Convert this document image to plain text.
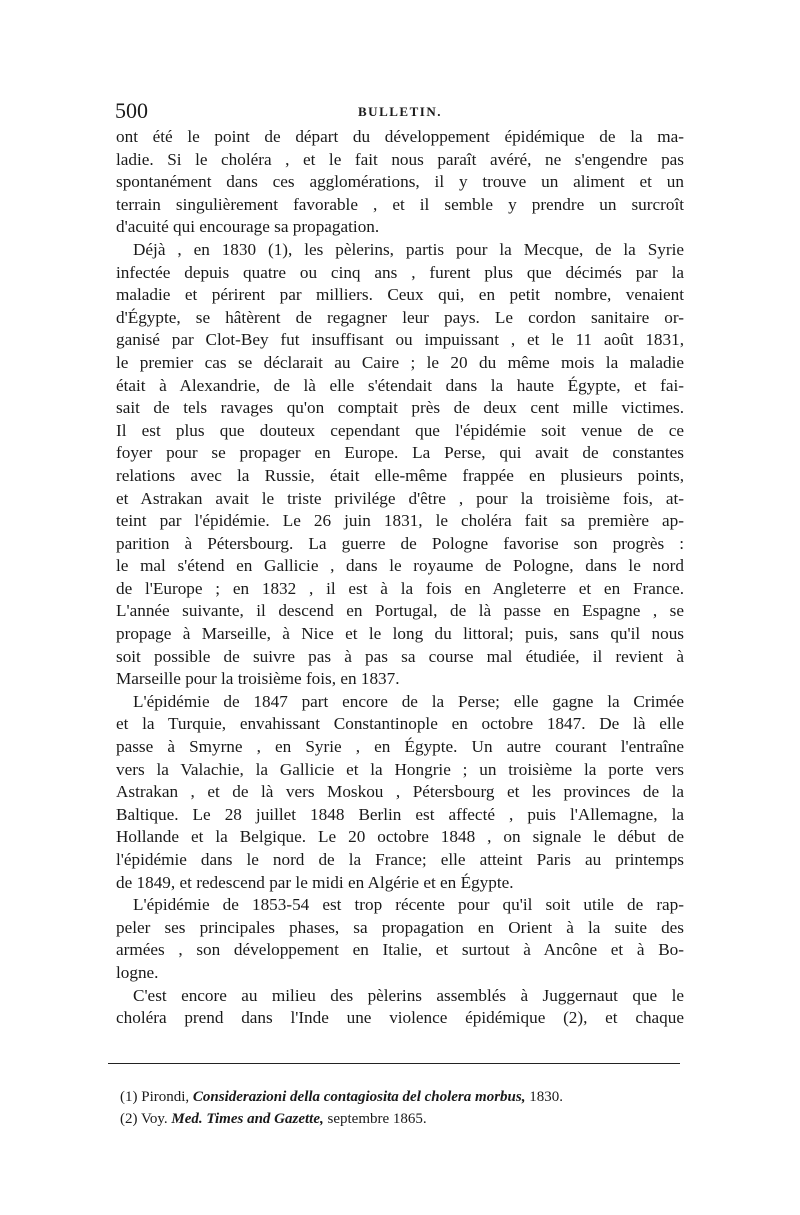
500	BULLETIN.
ont été le point de départ du développement épidémique de la ma-
ladie. Si le choléra , et le fait nous paraît avéré, ne s'engendre pas
spontanément dans ces agglomérations, il y trouve un aliment et un
terrain singulièrement favorable , et il semble y prendre un surcroît
d'acuité qui encourage sa propagation.
Déjà , en 1830 (1), les pèlerins, partis pour la Mecque, de la Syrie
infectée depuis quatre ou cinq ans , furent plus que décimés par la
maladie et périrent par milliers. Ceux qui, en petit nombre, venaient
d'Égypte, se hâtèrent de regagner leur pays. Le cordon sanitaire or-
ganisé par Clot-Bey fut insuffisant ou impuissant , et le 11 août 1831,
le premier cas se déclarait au Caire ; le 20 du même mois la maladie
était à Alexandrie, de là elle s'étendait dans la haute Égypte, et fai-
sait de tels ravages qu'on comptait près de deux cent mille victimes.
Il est plus que douteux cependant que l'épidémie soit venue de ce
foyer pour se propager en Europe. La Perse, qui avait de constantes
relations avec la Russie, était elle-même frappée en plusieurs points,
et Astrakan avait le triste privilége d'être , pour la troisième fois, at-
teint par l'épidémie. Le 26 juin 1831, le choléra fait sa première ap-
parition à Pétersbourg. La guerre de Pologne favorise son progrès :
le mal s'étend en Gallicie , dans le royaume de Pologne, dans le nord
de l'Europe ; en 1832 , il est à la fois en Angleterre et en France.
L'année suivante, il descend en Portugal, de là passe en Espagne , se
propage à Marseille, à Nice et le long du littoral; puis, sans qu'il nous
soit possible de suivre pas à pas sa course mal étudiée, il revient à
Marseille pour la troisième fois, en 1837.
L'épidémie de 1847 part encore de la Perse; elle gagne la Crimée
et la Turquie, envahissant Constantinople en octobre 1847. De là elle
passe à Smyrne , en Syrie , en Égypte. Un autre courant l'entraîne
vers la Valachie, la Gallicie et la Hongrie ; un troisième la porte vers
Astrakan , et de là vers Moskou , Pétersbourg et les provinces de la
Baltique. Le 28 juillet 1848 Berlin est affecté , puis l'Allemagne, la
Hollande et la Belgique. Le 20 octobre 1848 , on signale le début de
l'épidémie dans le nord de la France; elle atteint Paris au printemps
de 1849, et redescend par le midi en Algérie et en Égypte.
L'épidémie de 1853-54 est trop récente pour qu'il soit utile de rap-
peler ses principales phases, sa propagation en Orient à la suite des
armées , son développement en Italie, et surtout à Ancône et à Bo-
logne.
C'est encore au milieu des pèlerins assemblés à Juggernaut que le
choléra prend dans l'Inde une violence épidémique (2), et chaque
(1) Pirondi, Considerazioni della contagiosita del cholera morbus, 1830.
(2) Voy. Med. Times and Gazette, septembre 1865.
